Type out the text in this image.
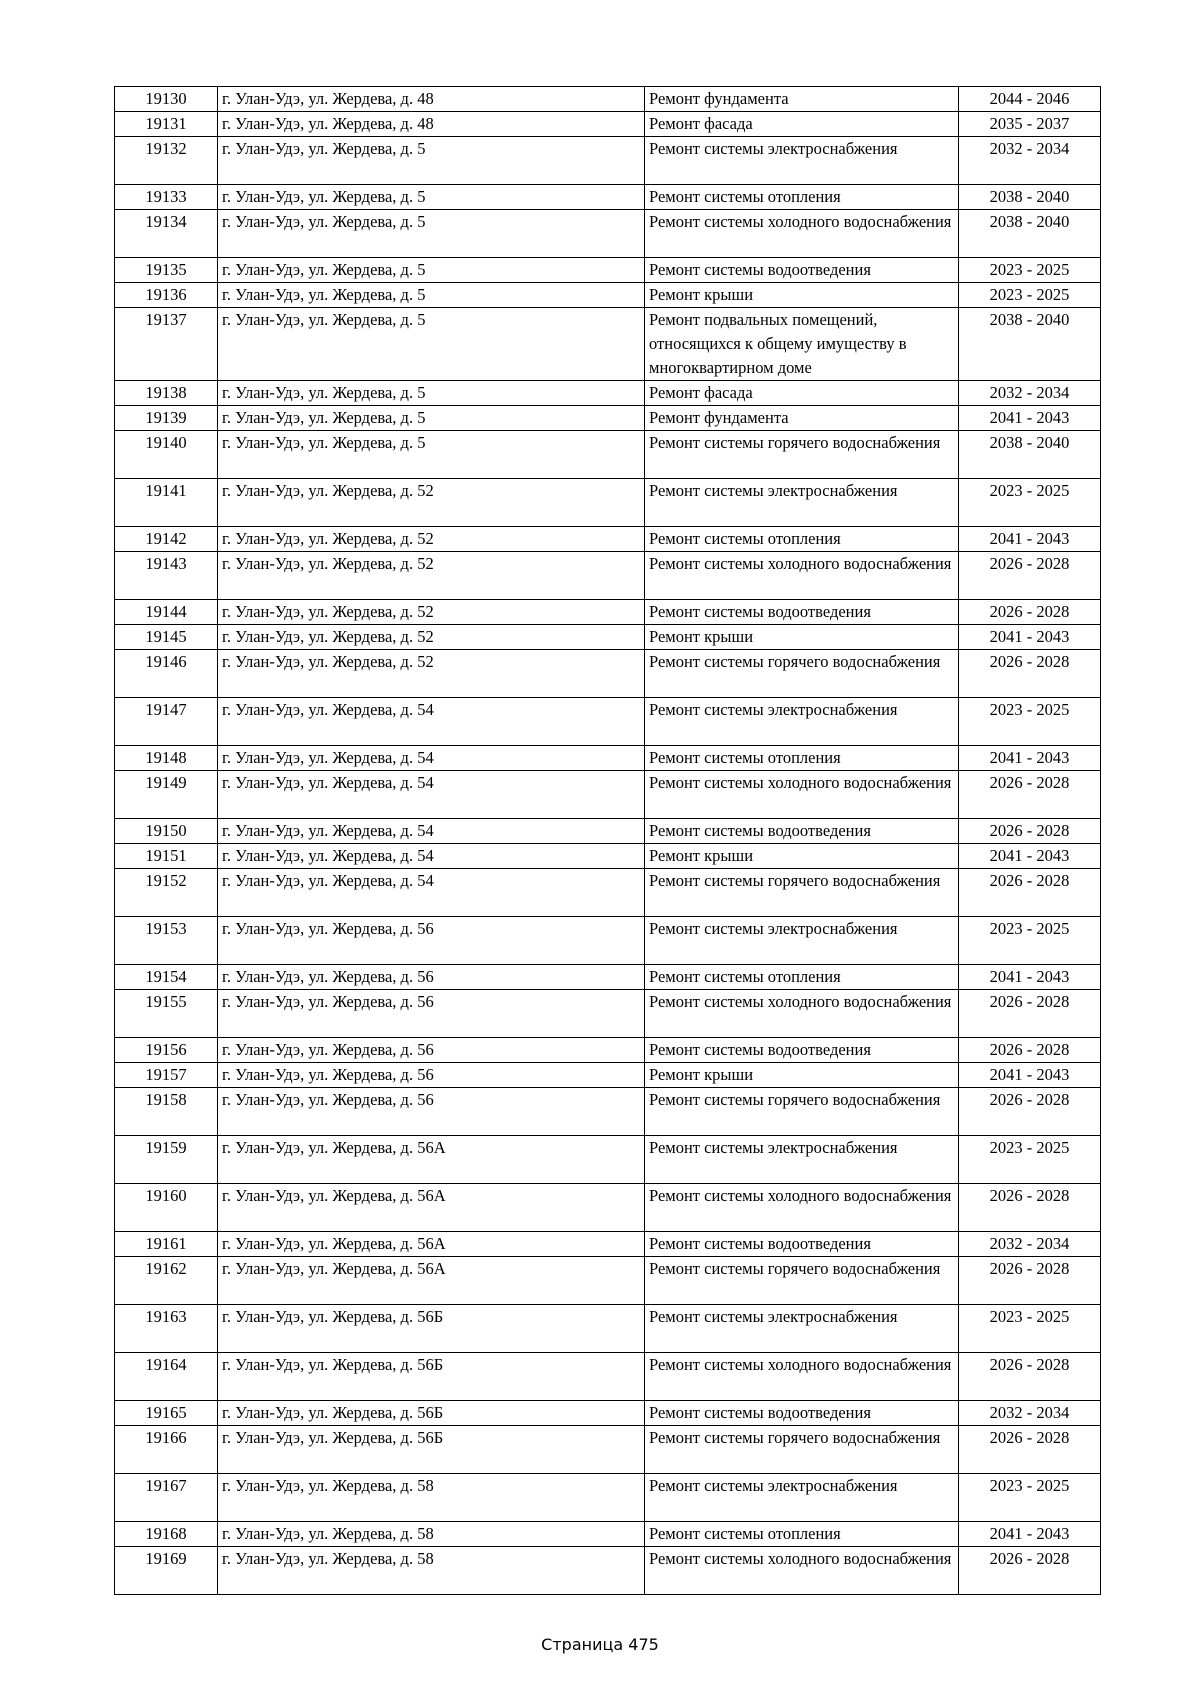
19130	г. Улан-Удэ, ул. Жердева, д. 48	Ремонт фундамента	2044 - 2046
19131	г. Улан-Удэ, ул. Жердева, д. 48	Ремонт фасада	2035 - 2037
19132	г. Улан-Удэ, ул. Жердева, д. 5	Ремонт системы электроснабжения	2032 - 2034
19133	г. Улан-Удэ, ул. Жердева, д. 5	Ремонт системы отопления	2038 - 2040
19134	г. Улан-Удэ, ул. Жердева, д. 5	Ремонт системы холодного водоснабжения	2038 - 2040
19135	г. Улан-Удэ, ул. Жердева, д. 5	Ремонт системы водоотведения	2023 - 2025
19136	г. Улан-Удэ, ул. Жердева, д. 5	Ремонт крыши	2023 - 2025
19137	г. Улан-Удэ, ул. Жердева, д. 5	Ремонт подвальных помещений, относящихся к общему имуществу в многоквартирном доме	2038 - 2040
19138	г. Улан-Удэ, ул. Жердева, д. 5	Ремонт фасада	2032 - 2034
19139	г. Улан-Удэ, ул. Жердева, д. 5	Ремонт фундамента	2041 - 2043
19140	г. Улан-Удэ, ул. Жердева, д. 5	Ремонт системы горячего водоснабжения	2038 - 2040
19141	г. Улан-Удэ, ул. Жердева, д. 52	Ремонт системы электроснабжения	2023 - 2025
19142	г. Улан-Удэ, ул. Жердева, д. 52	Ремонт системы отопления	2041 - 2043
19143	г. Улан-Удэ, ул. Жердева, д. 52	Ремонт системы холодного водоснабжения	2026 - 2028
19144	г. Улан-Удэ, ул. Жердева, д. 52	Ремонт системы водоотведения	2026 - 2028
19145	г. Улан-Удэ, ул. Жердева, д. 52	Ремонт крыши	2041 - 2043
19146	г. Улан-Удэ, ул. Жердева, д. 52	Ремонт системы горячего водоснабжения	2026 - 2028
19147	г. Улан-Удэ, ул. Жердева, д. 54	Ремонт системы электроснабжения	2023 - 2025
19148	г. Улан-Удэ, ул. Жердева, д. 54	Ремонт системы отопления	2041 - 2043
19149	г. Улан-Удэ, ул. Жердева, д. 54	Ремонт системы холодного водоснабжения	2026 - 2028
19150	г. Улан-Удэ, ул. Жердева, д. 54	Ремонт системы водоотведения	2026 - 2028
19151	г. Улан-Удэ, ул. Жердева, д. 54	Ремонт крыши	2041 - 2043
19152	г. Улан-Удэ, ул. Жердева, д. 54	Ремонт системы горячего водоснабжения	2026 - 2028
19153	г. Улан-Удэ, ул. Жердева, д. 56	Ремонт системы электроснабжения	2023 - 2025
19154	г. Улан-Удэ, ул. Жердева, д. 56	Ремонт системы отопления	2041 - 2043
19155	г. Улан-Удэ, ул. Жердева, д. 56	Ремонт системы холодного водоснабжения	2026 - 2028
19156	г. Улан-Удэ, ул. Жердева, д. 56	Ремонт системы водоотведения	2026 - 2028
19157	г. Улан-Удэ, ул. Жердева, д. 56	Ремонт крыши	2041 - 2043
19158	г. Улан-Удэ, ул. Жердева, д. 56	Ремонт системы горячего водоснабжения	2026 - 2028
19159	г. Улан-Удэ, ул. Жердева, д. 56А	Ремонт системы электроснабжения	2023 - 2025
19160	г. Улан-Удэ, ул. Жердева, д. 56А	Ремонт системы холодного водоснабжения	2026 - 2028
19161	г. Улан-Удэ, ул. Жердева, д. 56А	Ремонт системы водоотведения	2032 - 2034
19162	г. Улан-Удэ, ул. Жердева, д. 56А	Ремонт системы горячего водоснабжения	2026 - 2028
19163	г. Улан-Удэ, ул. Жердева, д. 56Б	Ремонт системы электроснабжения	2023 - 2025
19164	г. Улан-Удэ, ул. Жердева, д. 56Б	Ремонт системы холодного водоснабжения	2026 - 2028
19165	г. Улан-Удэ, ул. Жердева, д. 56Б	Ремонт системы водоотведения	2032 - 2034
19166	г. Улан-Удэ, ул. Жердева, д. 56Б	Ремонт системы горячего водоснабжения	2026 - 2028
19167	г. Улан-Удэ, ул. Жердева, д. 58	Ремонт системы электроснабжения	2023 - 2025
19168	г. Улан-Удэ, ул. Жердева, д. 58	Ремонт системы отопления	2041 - 2043
19169	г. Улан-Удэ, ул. Жердева, д. 58	Ремонт системы холодного водоснабжения	2026 - 2028
Страница 475
